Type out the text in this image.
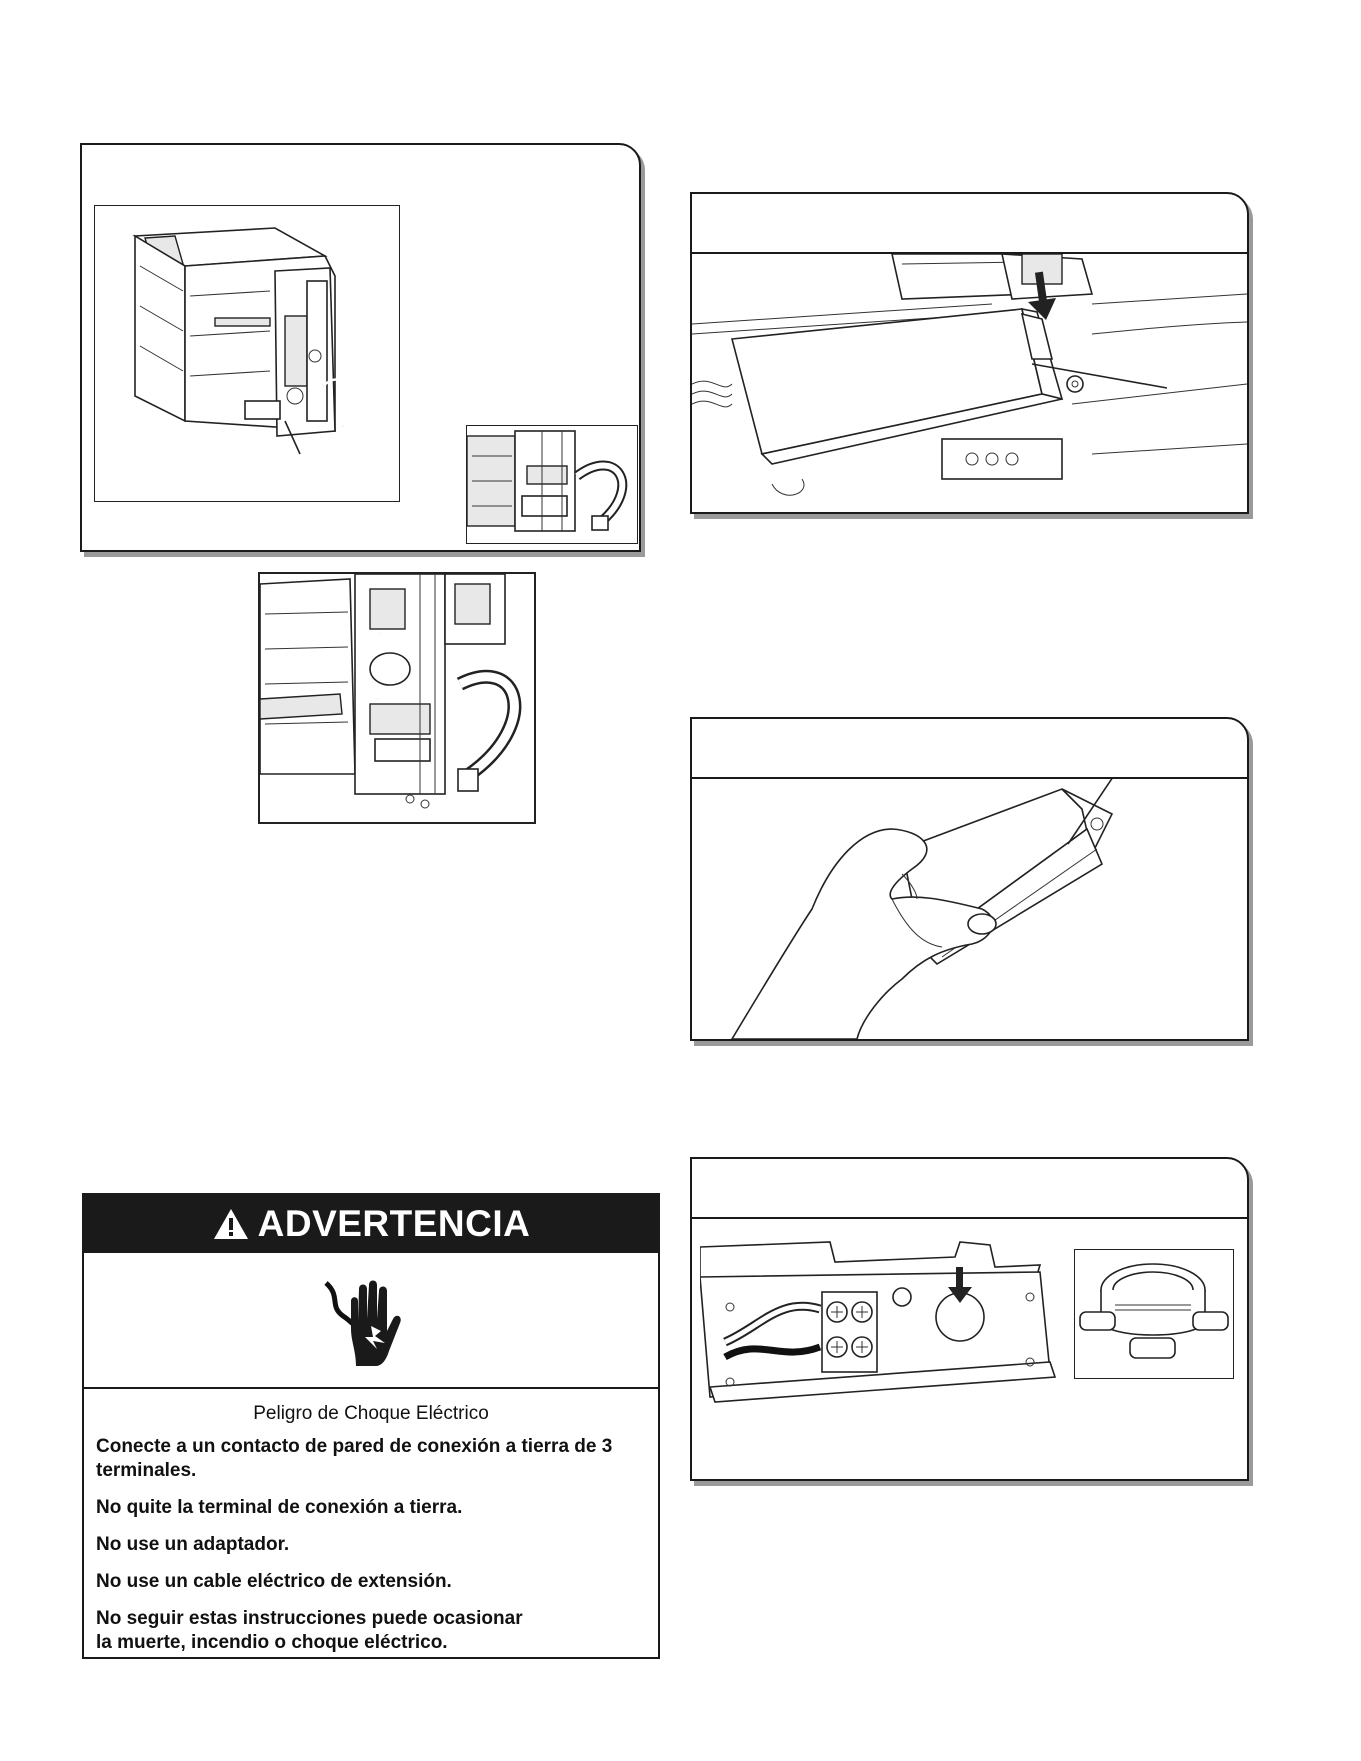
ADVERTENCIA
Peligro de Choque Eléctrico
Conecte a un contacto de pared de conexión a tierra de 3 terminales.
No quite la terminal de conexión a tierra.
No use un adaptador.
No use un cable eléctrico de extensión.
No seguir estas instrucciones puede ocasionar
la muerte, incendio o choque eléctrico.
